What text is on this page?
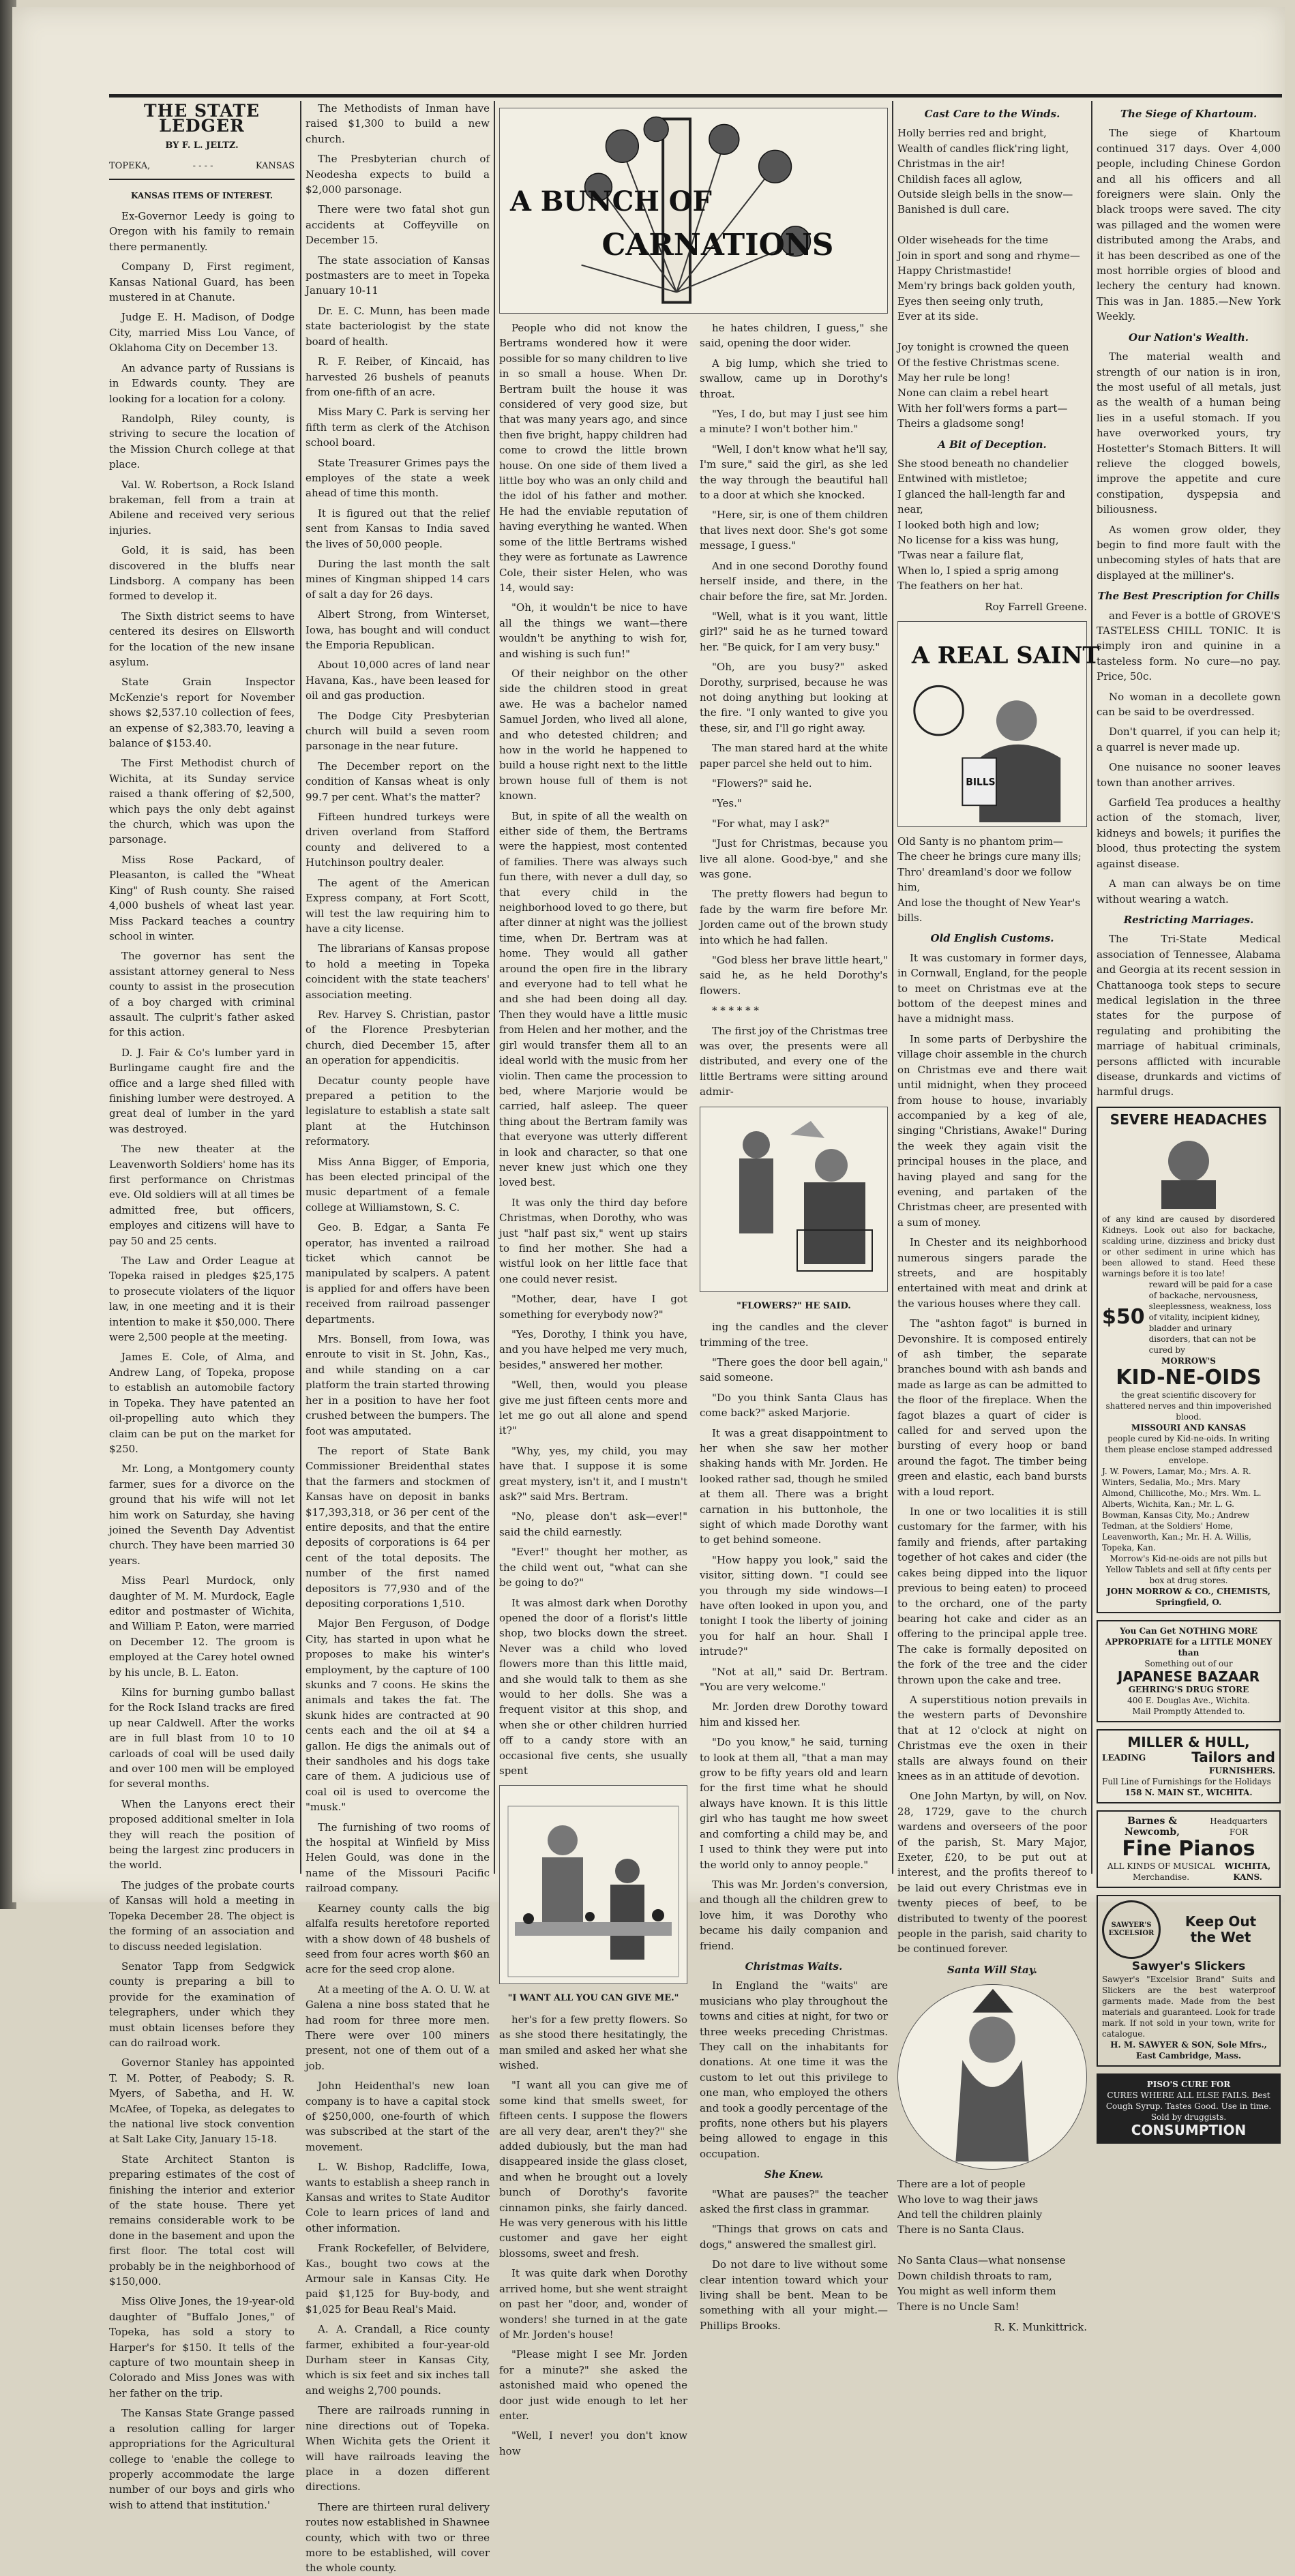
THE STATE LEDGER
BY F. L. JELTZ.
TOPEKA,	- - - -	KANSAS
KANSAS ITEMS OF INTEREST.

Ex-Governor Leedy is going to Oregon with his family to remain there permanently.

Company D, First regiment, Kansas National Guard, has been mustered in at Chanute.

Judge E. H. Madison, of Dodge City, married Miss Lou Vance, of Oklahoma City on December 13.

An advance party of Russians is in Edwards county. They are looking for a location for a colony.

Randolph, Riley county, is striving to secure the location of the Mission Church college at that place.

Val. W. Robertson, a Rock Island brakeman, fell from a train at Abilene and received very serious injuries.

Gold, it is said, has been discovered in the bluffs near Lindsborg. A company has been formed to develop it.

The Sixth district seems to have centered its desires on Ellsworth for the location of the new insane asylum.

State Grain Inspector McKenzie's report for November shows $2,537.10 collection of fees, an expense of $2,383.70, leaving a balance of $153.40.

The First Methodist church of Wichita, at its Sunday service raised a thank offering of $2,500, which pays the only debt against the church, which was upon the parsonage.

Miss Rose Packard, of Pleasanton, is called the "Wheat King" of Rush county. She raised 4,000 bushels of wheat last year. Miss Packard teaches a country school in winter.

The governor has sent the assistant attorney general to Ness county to assist in the prosecution of a boy charged with criminal assault. The culprit's father asked for this action.

D. J. Fair & Co's lumber yard in Burlingame caught fire and the office and a large shed filled with finishing lumber were destroyed. A great deal of lumber in the yard was destroyed.

The new theater at the Leavenworth Soldiers' home has its first performance on Christmas eve. Old soldiers will at all times be admitted free, but officers, employes and citizens will have to pay 50 and 25 cents.

The Law and Order League at Topeka raised in pledges $25,175 to prosecute violaters of the liquor law, in one meeting and it is their intention to make it $50,000. There were 2,500 people at the meeting.

James E. Cole, of Alma, and Andrew Lang, of Topeka, propose to establish an automobile factory in Topeka. They have patented an oil-propelling auto which they claim can be put on the market for $250.

Mr. Long, a Montgomery county farmer, sues for a divorce on the ground that his wife will not let him work on Saturday, she having joined the Seventh Day Adventist church. They have been married 30 years.

Miss Pearl Murdock, only daughter of M. M. Murdock, Eagle editor and postmaster of Wichita, and William P. Eaton, were married on December 12. The groom is employed at the Carey hotel owned by his uncle, B. L. Eaton.

Kilns for burning gumbo ballast for the Rock Island tracks are fired up near Caldwell. After the works are in full blast from 10 to 10 carloads of coal will be used daily and over 100 men will be employed for several months.

When the Lanyons erect their proposed additional smelter in Iola they will reach the position of being the largest zinc producers in the world.

The judges of the probate courts of Kansas will hold a meeting in Topeka December 28. The object is the forming of an association and to discuss needed legislation.

Senator Tapp from Sedgwick county is preparing a bill to provide for the examination of telegraphers, under which they must obtain licenses before they can do railroad work.

Governor Stanley has appointed T. M. Potter, of Peabody; S. R. Myers, of Sabetha, and H. W. McAfee, of Topeka, as delegates to the national live stock convention at Salt Lake City, January 15-18.

State Architect Stanton is preparing estimates of the cost of finishing the interior and exterior of the state house. There yet remains considerable work to be done in the basement and upon the first floor. The total cost will probably be in the neighborhood of $150,000.

Miss Olive Jones, the 19-year-old daughter of "Buffalo Jones," of Topeka, has sold a story to Harper's for $150. It tells of the capture of two mountain sheep in Colorado and Miss Jones was with her father on the trip.

The Kansas State Grange passed a resolution calling for larger appropriations for the Agricultural college to 'enable the college to properly accommodate the large number of our boys and girls who wish to attend that institution.'

The Methodists of Inman have raised $1,300 to build a new church.

The Presbyterian church of Neodesha expects to build a $2,000 parsonage.

There were two fatal shot gun accidents at Coffeyville on December 15.

The state association of Kansas postmasters are to meet in Topeka January 10-11

Dr. E. C. Munn, has been made state bacteriologist by the state board of health.

R. F. Reiber, of Kincaid, has harvested 26 bushels of peanuts from one-fifth of an acre.

Miss Mary C. Park is serving her fifth term as clerk of the Atchison school board.

State Treasurer Grimes pays the employes of the state a week ahead of time this month.

It is figured out that the relief sent from Kansas to India saved the lives of 50,000 people.

During the last month the salt mines of Kingman shipped 14 cars of salt a day for 26 days.

Albert Strong, from Winterset, Iowa, has bought and will conduct the Emporia Republican.

About 10,000 acres of land near Havana, Kas., have been leased for oil and gas production.

The Dodge City Presbyterian church will build a seven room parsonage in the near future.

The December report on the condition of Kansas wheat is only 99.7 per cent. What's the matter?

Fifteen hundred turkeys were driven overland from Stafford county and delivered to a Hutchinson poultry dealer.

The agent of the American Express company, at Fort Scott, will test the law requiring him to have a city license.

The librarians of Kansas propose to hold a meeting in Topeka coincident with the state teachers' association meeting.

Rev. Harvey S. Christian, pastor of the Florence Presbyterian church, died December 15, after an operation for appendicitis.

Decatur county people have prepared a petition to the legislature to establish a state salt plant at the Hutchinson reformatory.

Miss Anna Bigger, of Emporia, has been elected principal of the music department of a female college at Williamstown, S. C.

Geo. B. Edgar, a Santa Fe operator, has invented a railroad ticket which cannot be manipulated by scalpers. A patent is applied for and offers have been received from railroad passenger departments.

Mrs. Bonsell, from Iowa, was enroute to visit in St. John, Kas., and while standing on a car platform the train started throwing her in a position to have her foot crushed between the bumpers. The foot was amputated.

The report of State Bank Commissioner Breidenthal states that the farmers and stockmen of Kansas have on deposit in banks $17,393,318, or 36 per cent of the entire deposits, and that the entire deposits of corporations is 64 per cent of the total deposits. The number of the first named depositors is 77,930 and of the depositing corporations 1,510.

Major Ben Ferguson, of Dodge City, has started in upon what he proposes to make his winter's employment, by the capture of 100 skunks and 7 coons. He skins the animals and takes the fat. The skunk hides are contracted at 90 cents each and the oil at $4 a gallon. He digs the animals out of their sandholes and his dogs take care of them. A judicious use of coal oil is used to overcome the "musk."

The furnishing of two rooms of the hospital at Winfield by Miss Helen Gould, was done in the name of the Missouri Pacific railroad company.

Kearney county calls the big alfalfa results heretofore reported with a show down of 48 bushels of seed from four acres worth $60 an acre for the seed crop alone.

At a meeting of the A. O. U. W. at Galena a nine boss stated that he had room for three more men. There were over 100 miners present, not one of them out of a job.

John Heidenthal's new loan company is to have a capital stock of $250,000, one-fourth of which was subscribed at the start of the movement.

L. W. Bishop, Radcliffe, Iowa, wants to establish a sheep ranch in Kansas and writes to State Auditor Cole to learn prices of land and other information.

Frank Rockefeller, of Belvidere, Kas., bought two cows at the Armour sale in Kansas City. He paid $1,125 for Buy-body, and $1,025 for Beau Real's Maid.

A. A. Crandall, a Rice county farmer, exhibited a four-year-old Durham steer in Kansas City, which is six feet and six inches tall and weighs 2,700 pounds.

There are railroads running in nine directions out of Topeka. When Wichita gets the Orient it will have railroads leaving the place in a dozen different directions.

There are thirteen rural delivery routes now established in Shawnee county, which with two or three more to be established, will cover the whole county.

A BUNCH OF
CARNATIONS

People who did not know the Bertrams wondered how it were possible for so many children to live in so small a house. When Dr. Bertram built the house it was considered of very good size, but that was many years ago, and since then five bright, happy children had come to crowd the little brown house. On one side of them lived a little boy who was an only child and the idol of his father and mother. He had the enviable reputation of having everything he wanted. When some of the little Bertrams wished they were as fortunate as Lawrence Cole, their sister Helen, who was 14, would say:

"Oh, it wouldn't be nice to have all the things we want—there wouldn't be anything to wish for, and wishing is such fun!"

Of their neighbor on the other side the children stood in great awe. He was a bachelor named Samuel Jorden, who lived all alone, and who detested children; and how in the world he happened to build a house right next to the little brown house full of them is not known.

But, in spite of all the wealth on either side of them, the Bertrams were the happiest, most contented of families. There was always such fun there, with never a dull day, so that every child in the neighborhood loved to go there, but after dinner at night was the jolliest time, when Dr. Bertram was at home. They would all gather around the open fire in the library and everyone had to tell what he and she had been doing all day. Then they would have a little music from Helen and her mother, and the girl would transfer them all to an ideal world with the music from her violin. Then came the procession to bed, where Marjorie would be carried, half asleep. The queer thing about the Bertram family was that everyone was utterly different in look and character, so that one never knew just which one they loved best.

It was only the third day before Christmas, when Dorothy, who was just "half past six," went up stairs to find her mother. She had a wistful look on her little face that one could never resist.

"Mother, dear, have I got something for everybody now?"

"Yes, Dorothy, I think you have, and you have helped me very much, besides," answered her mother.

"Well, then, would you please give me just fifteen cents more and let me go out all alone and spend it?"

"Why, yes, my child, you may have that. I suppose it is some great mystery, isn't it, and I mustn't ask?" said Mrs. Bertram.

"No, please don't ask—ever!" said the child earnestly.

"Ever!" thought her mother, as the child went out, "what can she be going to do?"

It was almost dark when Dorothy opened the door of a florist's little shop, two blocks down the street. Never was a child who loved flowers more than this little maid, and she would talk to them as she would to her dolls. She was a frequent visitor at this shop, and when she or other children hurried off to a candy store with an occasional five cents, she usually spent

"I WANT ALL YOU CAN GIVE ME."

her's for a few pretty flowers. So as she stood there hesitatingly, the man smiled and asked her what she wished.

"I want all you can give me of some kind that smells sweet, for fifteen cents. I suppose the flowers are all very dear, aren't they?" she added dubiously, but the man had disappeared inside the glass closet, and when he brought out a lovely bunch of Dorothy's favorite cinnamon pinks, she fairly danced. He was very generous with his little customer and gave her eight blossoms, sweet and fresh.

It was quite dark when Dorothy arrived home, but she went straight on past her "door, and, wonder of wonders! she turned in at the gate of Mr. Jorden's house!

"Please might I see Mr. Jorden for a minute?" she asked the astonished maid who opened the door just wide enough to let her enter.

"Well, I never! you don't know how

he hates children, I guess," she said, opening the door wider.

A big lump, which she tried to swallow, came up in Dorothy's throat.

"Yes, I do, but may I just see him a minute? I won't bother him."

"Well, I don't know what he'll say, I'm sure," said the girl, as she led the way through the beautiful hall to a door at which she knocked.

"Here, sir, is one of them children that lives next door. She's got some message, I guess."

And in one second Dorothy found herself inside, and there, in the chair before the fire, sat Mr. Jorden.

"Well, what is it you want, little girl?" said he as he turned toward her. "Be quick, for I am very busy."

"Oh, are you busy?" asked Dorothy, surprised, because he was not doing anything but looking at the fire. "I only wanted to give you these, sir, and I'll go right away.

The man stared hard at the white paper parcel she held out to him.

"Flowers?" said he.

"Yes."

"For what, may I ask?"

"Just for Christmas, because you live all alone. Good-bye," and she was gone.

The pretty flowers had begun to fade by the warm fire before Mr. Jorden came out of the brown study into which he had fallen.

"God bless her brave little heart," said he, as he held Dorothy's flowers.

* * * * * *

The first joy of the Christmas tree was over, the presents were all distributed, and every one of the little Bertrams were sitting around admir-

"FLOWERS?" HE SAID.

ing the candles and the clever trimming of the tree.

"There goes the door bell again," said someone.

"Do you think Santa Claus has come back?" asked Marjorie.

It was a great disappointment to her when she saw her mother shaking hands with Mr. Jorden. He looked rather sad, though he smiled at them all. There was a bright carnation in his buttonhole, the sight of which made Dorothy want to get behind someone.

"How happy you look," said the visitor, sitting down. "I could see you through my side windows—I have often looked in upon you, and tonight I took the liberty of joining you for half an hour. Shall I intrude?"

"Not at all," said Dr. Bertram. "You are very welcome."

Mr. Jorden drew Dorothy toward him and kissed her.

"Do you know," he said, turning to look at them all, "that a man may grow to be fifty years old and learn for the first time what he should always have known. It is this little girl who has taught me how sweet and comforting a child may be, and I used to think they were put into the world only to annoy people."

This was Mr. Jorden's conversion, and though all the children grew to love him, it was Dorothy who became his daily companion and friend.

Christmas Waits.

In England the "waits" are musicians who play throughout the towns and cities at night, for two or three weeks preceding Christmas. They call on the inhabitants for donations. At one time it was the custom to let out this privilege to one man, who employed the others and took a goodly percentage of the profits, none others but his players being allowed to engage in this occupation.

She Knew.

"What are pauses?" the teacher asked the first class in grammar.

"Things that grows on cats and dogs," answered the smallest girl.

Do not dare to live without some clear intention toward which your living shall be bent. Mean to be something with all your might.—Phillips Brooks.

Cast Care to the Winds.
Holly berries red and bright,
Wealth of candles flick'ring light,
Christmas in the air!
Childish faces all aglow,
Outside sleigh bells in the snow—
Banished is dull care.

Older wiseheads for the time
Join in sport and song and rhyme—
Happy Christmastide!
Mem'ry brings back golden youth,
Eyes then seeing only truth,
Ever at its side.

Joy tonight is crowned the queen
Of the festive Christmas scene.
May her rule be long!
None can claim a rebel heart
With her foll'wers forms a part—
Theirs a gladsome song!
A Bit of Deception.
She stood beneath no chandelier
Entwined with mistletoe;
I glanced the hall-length far and near,
I looked both high and low;
No license for a kiss was hung,
'Twas near a failure flat,
When lo, I spied a sprig among
The feathers on her hat.

Roy Farrell Greene.

A REAL SAINT
BILLS
Old Santy is no phantom prim—
The cheer he brings cure many ills;
Thro' dreamland's door we follow him,
And lose the thought of New Year's bills.
Old English Customs.

It was customary in former days, in Cornwall, England, for the people to meet on Christmas eve at the bottom of the deepest mines and have a midnight mass.

In some parts of Derbyshire the village choir assemble in the church on Christmas eve and there wait until midnight, when they proceed from house to house, invariably accompanied by a keg of ale, singing "Christians, Awake!" During the week they again visit the principal houses in the place, and having played and sang for the evening, and partaken of the Christmas cheer, are presented with a sum of money.

In Chester and its neighborhood numerous singers parade the streets, and are hospitably entertained with meat and drink at the various houses where they call.

The "ashton fagot" is burned in Devonshire. It is composed entirely of ash timber, the separate branches bound with ash bands and made as large as can be admitted to the floor of the fireplace. When the fagot blazes a quart of cider is called for and served upon the bursting of every hoop or band around the fagot. The timber being green and elastic, each band bursts with a loud report.

In one or two localities it is still customary for the farmer, with his family and friends, after partaking together of hot cakes and cider (the cakes being dipped into the liquor previous to being eaten) to proceed to the orchard, one of the party bearing hot cake and cider as an offering to the principal apple tree. The cake is formally deposited on the fork of the tree and the cider thrown upon the cake and tree.

A superstitious notion prevails in the western parts of Devonshire that at 12 o'clock at night on Christmas eve the oxen in their stalls are always found on their knees as in an attitude of devotion.

One John Martyn, by will, on Nov. 28, 1729, gave to the church wardens and overseers of the poor of the parish, St. Mary Major, Exeter, £20, to be put out at interest, and the profits thereof to be laid out every Christmas eve in twenty pieces of beef, to be distributed to twenty of the poorest people in the parish, said charity to be continued forever.

Santa Will Stay.
There are a lot of people
Who love to wag their jaws
And tell the children plainly
There is no Santa Claus.

No Santa Claus—what nonsense
Down childish throats to ram,
You might as well inform them
There is no Uncle Sam!

R. K. Munkittrick.

The Siege of Khartoum.

The siege of Khartoum continued 317 days. Over 4,000 people, including Chinese Gordon and all his officers and all foreigners were slain. Only the black troops were saved. The city was pillaged and the women were distributed among the Arabs, and it has been described as one of the most horrible orgies of blood and lechery the century had known. This was in Jan. 1885.—New York Weekly.

Our Nation's Wealth.

The material wealth and strength of our nation is in iron, the most useful of all metals, just as the wealth of a human being lies in a useful stomach. If you have overworked yours, try Hostetter's Stomach Bitters. It will relieve the clogged bowels, improve the appetite and cure constipation, dyspepsia and biliousness.

As women grow older, they begin to find more fault with the unbecoming styles of hats that are displayed at the milliner's.

The Best Prescription for Chills

and Fever is a bottle of GROVE'S TASTELESS CHILL TONIC. It is simply iron and quinine in a tasteless form. No cure—no pay. Price, 50c.

No woman in a decollete gown can be said to be overdressed.

Don't quarrel, if you can help it; a quarrel is never made up.

One nuisance no sooner leaves town than another arrives.

Garfield Tea produces a healthy action of the stomach, liver, kidneys and bowels; it purifies the blood, thus protecting the system against disease.

A man can always be on time without wearing a watch.

Restricting Marriages.

The Tri-State Medical association of Tennessee, Alabama and Georgia at its recent session in Chattanooga took steps to secure medical legislation in the three states for the purpose of regulating and prohibiting the marriage of habitual criminals, persons afflicted with incurable disease, drunkards and victims of harmful drugs.

SEVERE HEADACHES
of any kind are caused by disordered Kidneys. Look out also for backache, scalding urine, dizziness and bricky dust or other sediment in urine which has been allowed to stand. Heed these warnings before it is too late!
$50
reward will be paid for a case of backache, nervousness, sleeplessness, weakness, loss of vitality, incipient kidney, bladder and urinary disorders, that can not be cured by
MORROW'S
KID-NE-OIDS
the great scientific discovery for shattered nerves and thin impoverished blood.
MISSOURI AND KANSAS
people cured by Kid-ne-oids. In writing them please enclose stamped addressed envelope.
J. W. Powers, Lamar, Mo.; Mrs. A. R. Winters, Sedalia, Mo.; Mrs. Mary Almond, Chillicothe, Mo.; Mrs. Wm. L. Alberts, Wichita, Kan.; Mr. L. G. Bowman, Kansas City, Mo.; Andrew Tedman, at the Soldiers' Home, Leavenworth, Kan.; Mr. H. A. Willis, Topeka, Kan.
Morrow's Kid-ne-oids are not pills but Yellow Tablets and sell at fifty cents per box at drug stores.
JOHN MORROW & CO., CHEMISTS, Springfield, O.
You Can Get NOTHING MORE APPROPRIATE for a LITTLE MONEY than
Something out of our
JAPANESE BAZAAR
GEHRING'S DRUG STORE
400 E. Douglas Ave., Wichita.
Mail Promptly Attended to.
MILLER & HULL,
LEADING	Tailors and
FURNISHERS.
Full Line of Furnishings for the Holidays
158 N. MAIN ST., WICHITA.
Barnes & Newcomb,
Headquarters FOR
Fine Pianos
ALL KINDS OF MUSICAL Merchandise.
WICHITA, KANS.
SAWYER'S EXCELSIOR
Keep Out
the Wet
Sawyer's Slickers
Sawyer's "Excelsior Brand" Suits and Slickers are the best waterproof garments made. Made from the best materials and guaranteed. Look for trade mark. If not sold in your town, write for catalogue.
H. M. SAWYER & SON, Sole Mfrs., East Cambridge, Mass.
PISO'S CURE FOR
CURES WHERE ALL ELSE FAILS. Best Cough Syrup. Tastes Good. Use in time. Sold by druggists.
CONSUMPTION
